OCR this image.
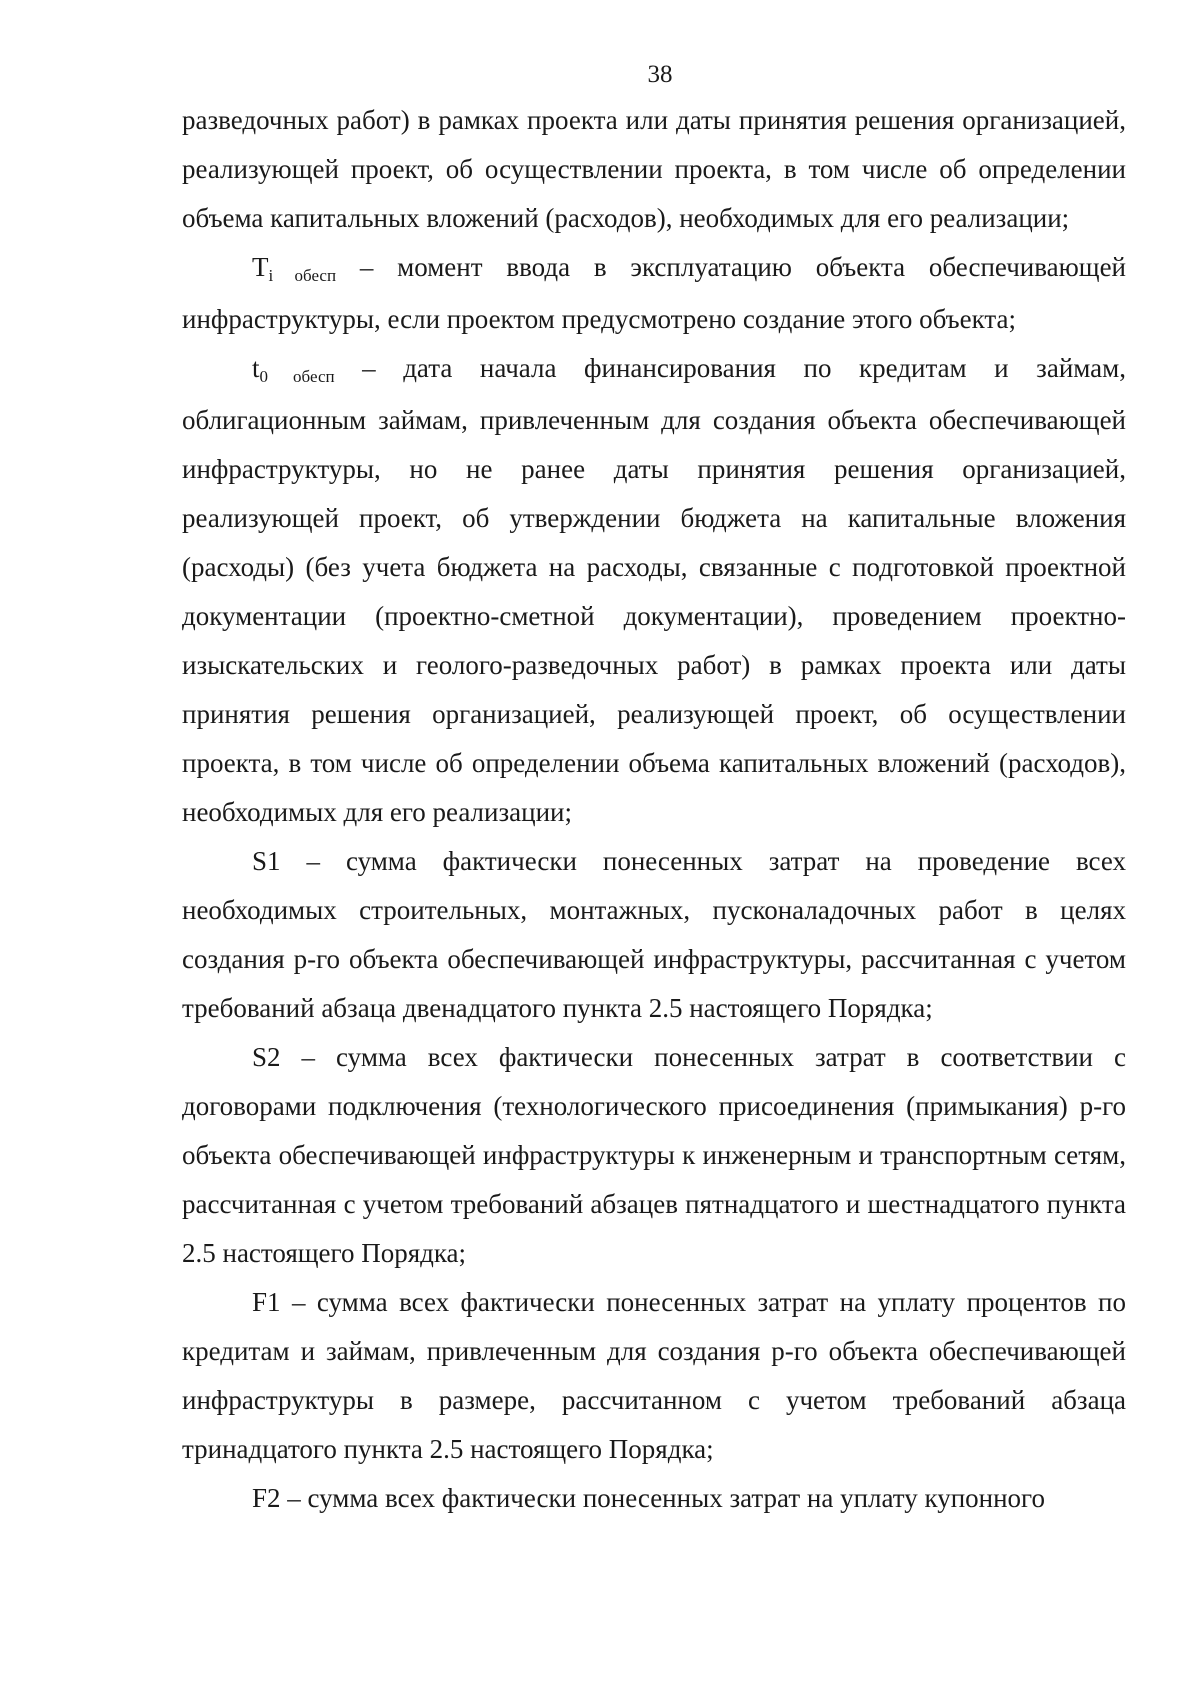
38

разведочных работ) в рамках проекта или даты принятия решения организацией, реализующей проект, об осуществлении проекта, в том числе об определении объема капитальных вложений (расходов), необходимых для его реализации;

Ti обесп – момент ввода в эксплуатацию объекта обеспечивающей инфраструктуры, если проектом предусмотрено создание этого объекта;

t0 обесп – дата начала финансирования по кредитам и займам, облигационным займам, привлеченным для создания объекта обеспечивающей инфраструктуры, но не ранее даты принятия решения организацией, реализующей проект, об утверждении бюджета на капитальные вложения (расходы) (без учета бюджета на расходы, связанные с подготовкой проектной документации (проектно-сметной документации), проведением проектно-изыскательских и геолого-разведочных работ) в рамках проекта или даты принятия решения организацией, реализующей проект, об осуществлении проекта, в том числе об определении объема капитальных вложений (расходов), необходимых для его реализации;

S1 – сумма фактически понесенных затрат на проведение всех необходимых строительных, монтажных, пусконаладочных работ в целях создания p-го объекта обеспечивающей инфраструктуры, рассчитанная с учетом требований абзаца двенадцатого пункта 2.5 настоящего Порядка;

S2 – сумма всех фактически понесенных затрат в соответствии с договорами подключения (технологического присоединения (примыкания) p-го объекта обеспечивающей инфраструктуры к инженерным и транспортным сетям, рассчитанная с учетом требований абзацев пятнадцатого и шестнадцатого пункта 2.5 настоящего Порядка;

F1 – сумма всех фактически понесенных затрат на уплату процентов по кредитам и займам, привлеченным для создания p-го объекта обеспечивающей инфраструктуры в размере, рассчитанном с учетом требований абзаца тринадцатого пункта 2.5 настоящего Порядка;

F2 – сумма всех фактически понесенных затрат на уплату купонного
